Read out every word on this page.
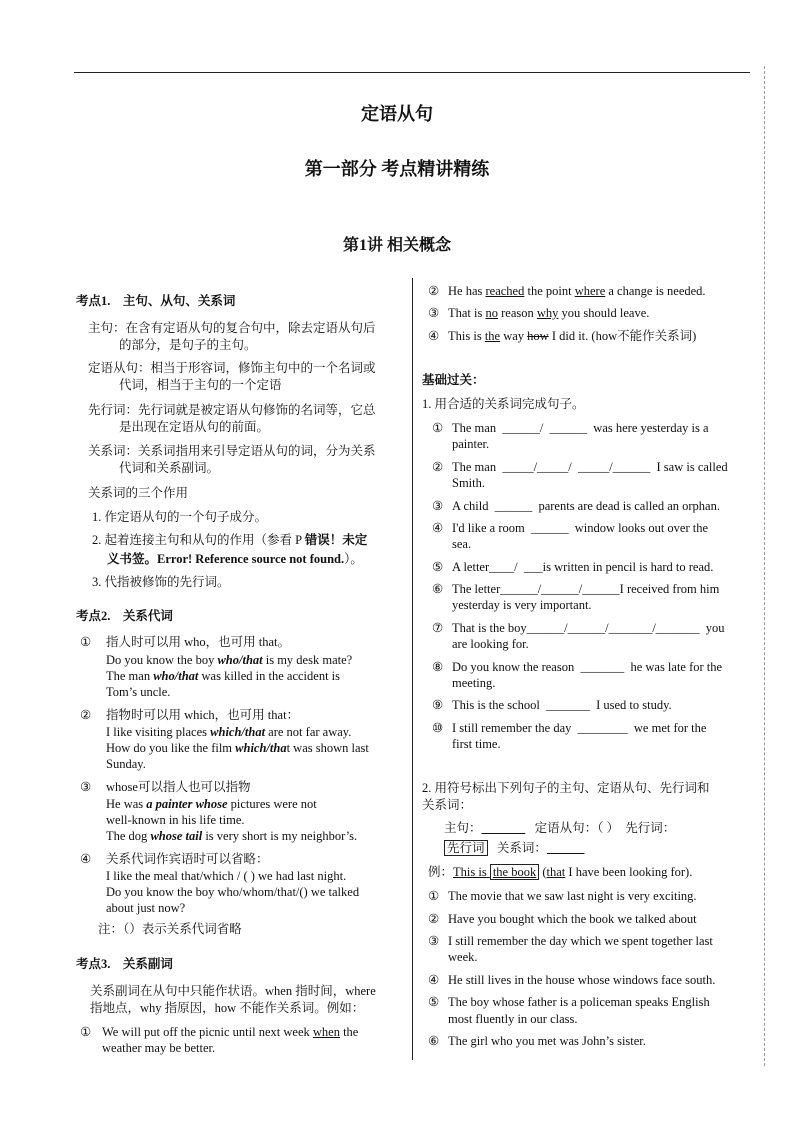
定语从句
第一部分 考点精讲精练
第1讲 相关概念
考点1. 主句、从句、关系词
主句：在含有定语从句的复合句中，除去定语从句后
的部分，是句子的主句。
定语从句：相当于形容词，修饰主句中的一个名词或
代词，相当于主句的一个定语
先行词：先行词就是被定语从句修饰的名词等，它总
是出现在定语从句的前面。
关系词：关系词指用来引导定语从句的词，分为关系
代词和关系副词。
关系词的三个作用
1. 作定语从句的一个句子成分。
2. 起着连接主句和从句的作用（参看 P 错误！未定
义书签。Error! Reference source not found.）。
3. 代指被修饰的先行词。
考点2. 关系代词
① 指人时可以用 who，也可用 that。
Do you know the boy who/that is my desk mate?
The man who/that was killed in the accident is
Tom’s uncle.
② 指物时可以用 which，也可用 that：
I like visiting places which/that are not far away.
How do you like the film which/that was shown last
Sunday.
③ whose可以指人也可以指物
He was a painter whose pictures were not
well-known in his life time.
The dog whose tail is very short is my neighbor’s.
④ 关系代词作宾语时可以省略：
I like the meal that/which / ( ) we had last night.
Do you know the boy who/whom/that/() we talked
about just now?
注：（）表示关系代词省略
考点3. 关系副词
关系副词在从句中只能作状语。when 指时间，where
指地点，why 指原因，how 不能作关系词。例如：
① We will put off the picnic until next week when the
weather may be better.
② He has reached the point where a change is needed.
③ That is no reason why you should leave.
④ This is the way how I did it. (how不能作关系词)
基础过关：
1. 用合适的关系词完成句子。
① The man  ______/  ______  was here yesterday is a
painter.
② The man  _____/_____/  _____/______  I saw is called
Smith.
③ A child  ______  parents are dead is called an orphan.
④ I'd like a room  ______  window looks out over the
sea.
⑤ A letter____/  ___is written in pencil is hard to read.
⑥ The letter______/______/______I received from him
yesterday is very important.
⑦ That is the boy______/______/_______/_______  you
are looking for.
⑧ Do you know the reason  _______  he was late for the
meeting.
⑨ This is the school  _______  I used to study.
⑩ I still remember the day  ________  we met for the
first time.
2. 用符号标出下列句子的主句、定语从句、先行词和
关系词：
主句：	定语从句：（ ） 先行词：
先行词 关系词：
例：This is the book (that I have been looking for).
① The movie that we saw last night is very exciting.
② Have you bought which the book we talked about
③ I still remember the day which we spent together last
week.
④ He still lives in the house whose windows face south.
⑤ The boy whose father is a policeman speaks English
most fluently in our class.
⑥ The girl who you met was John’s sister.
